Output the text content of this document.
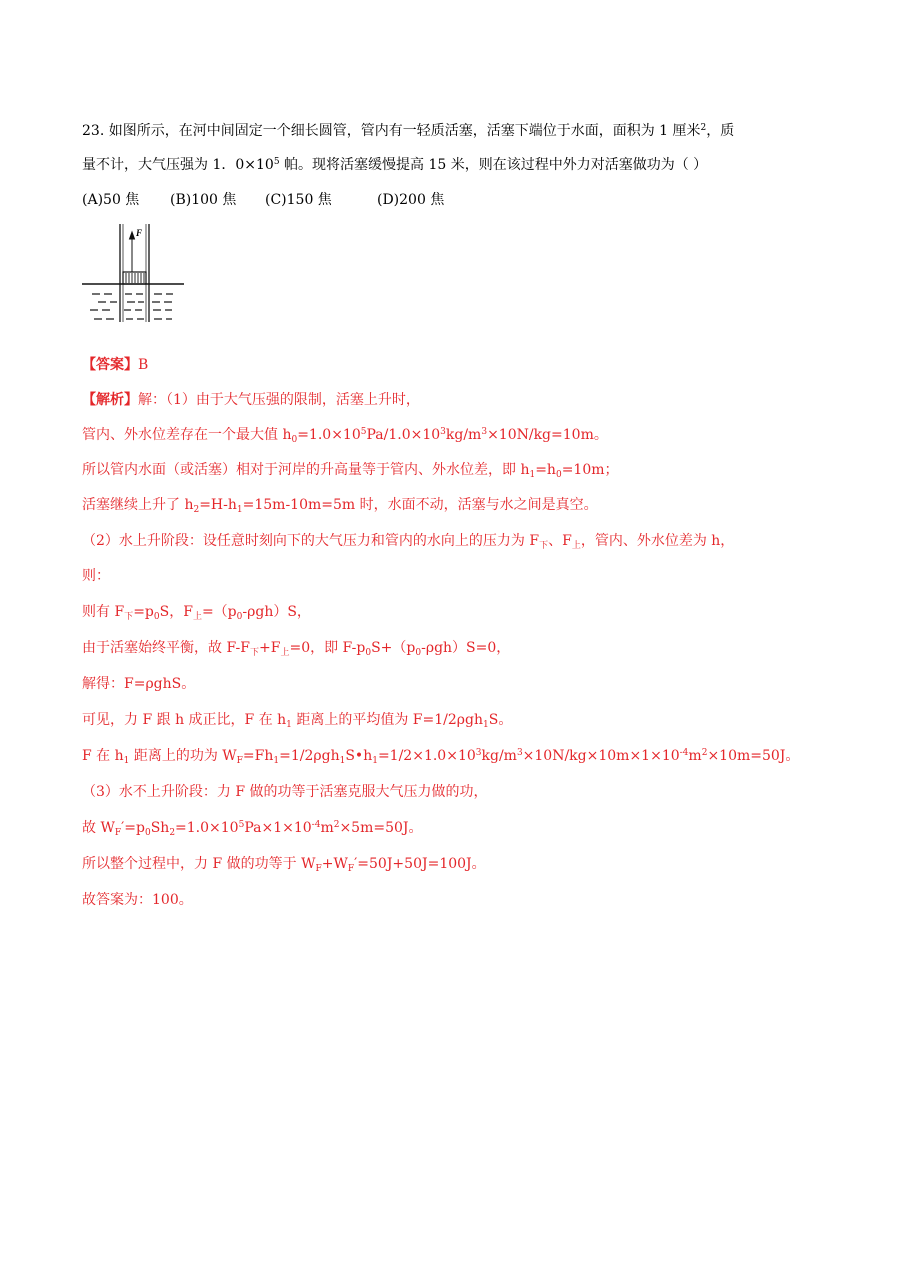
23. 如图所示，在河中间固定一个细长圆管，管内有一轻质活塞，活塞下端位于水面，面积为 1 厘米$^2$，质
量不计，大气压强为 1．$0\times 10^5$ 帕。现将活塞缓慢提高 15 米，则在该过程中外力对活塞做功为（ ）
(A)50 焦 (B)100 焦 (C)150 焦	(D)200 焦
F
【答案】B
【解析】解：（1）由于大气压强的限制，活塞上升时，
管内、外水位差存在一个最大值 $h_0=1.0\times 10^5Pa/1.0\times 10^3kg/m^3\times 10N/kg=10m$。
所以管内水面（或活塞）相对于河岸的升高量等于管内、外水位差，即 $h_1=h_0=10m$；
活塞继续上升了 $h_2=H-h_1=15m-10m=5m$ 时，水面不动，活塞与水之间是真空。
（2）水上升阶段：设任意时刻向下的大气压力和管内的水向上的压力为 $F_下$、$F_上$，管内、外水位差为 h，
则：
则有 $F_下=p_0S$，$F_上=(p_0-\rho gh)S$，
由于活塞始终平衡，故 $F-F_下+F_上=0$，即 $F-p_0S+(p_0-\rho gh)S=0$，
解得：F=ρghS。
可见，力 F 跟 h 成正比，F 在 $h_1$ 距离上的平均值为 F=1/2ρgh$_1$S。
F 在 $h_1$ 距离上的功为 $W_F=Fh_1=1/2\rho gh_1S•h_1=1/2\times 1.0\times 10^3kg/m^3\times 10N/kg\times 10m\times 1\times 10^{-4}m^2\times 10m=50J$。
（3）水不上升阶段：力 F 做的功等于活塞克服大气压力做的功，
故 $W_F'=p_0Sh_2=1.0\times 10^5Pa\times 1\times 10^{-4}m^2\times 5m=50J$。
所以整个过程中，力 F 做的功等于 $W_F+W_F'=50J+50J=100J$。
故答案为：100。
